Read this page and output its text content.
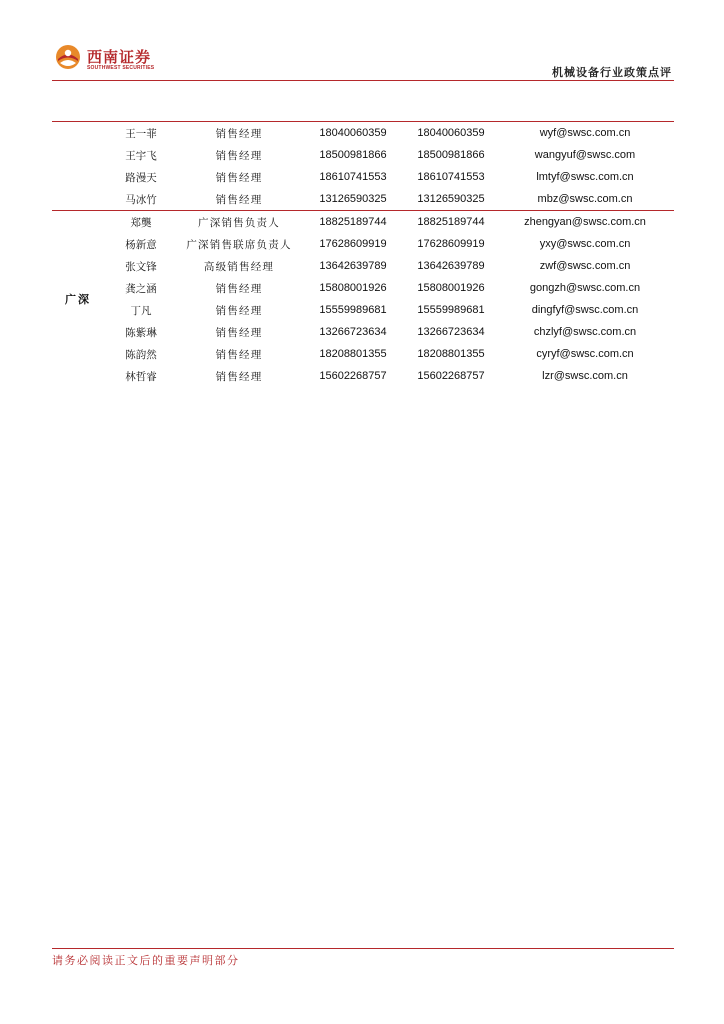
西南证券
SOUTHWEST SECURITIES	机械设备行业政策点评
	王一菲	销售经理	18040060359	18040060359	wyf@swsc.com.cn
	王宇飞	销售经理	18500981866	18500981866	wangyuf@swsc.com
	路漫天	销售经理	18610741553	18610741553	lmtyf@swsc.com.cn
	马冰竹	销售经理	13126590325	13126590325	mbz@swsc.com.cn
广深	郑龑	广深销售负责人	18825189744	18825189744	zhengyan@swsc.com.cn
	杨新意	广深销售联席负责人	17628609919	17628609919	yxy@swsc.com.cn
	张文锋	高级销售经理	13642639789	13642639789	zwf@swsc.com.cn
	龚之涵	销售经理	15808001926	15808001926	gongzh@swsc.com.cn
	丁凡	销售经理	15559989681	15559989681	dingfyf@swsc.com.cn
	陈紫琳	销售经理	13266723634	13266723634	chzlyf@swsc.com.cn
	陈韵然	销售经理	18208801355	18208801355	cyryf@swsc.com.cn
	林哲睿	销售经理	15602268757	15602268757	lzr@swsc.com.cn
请务必阅读正文后的重要声明部分
